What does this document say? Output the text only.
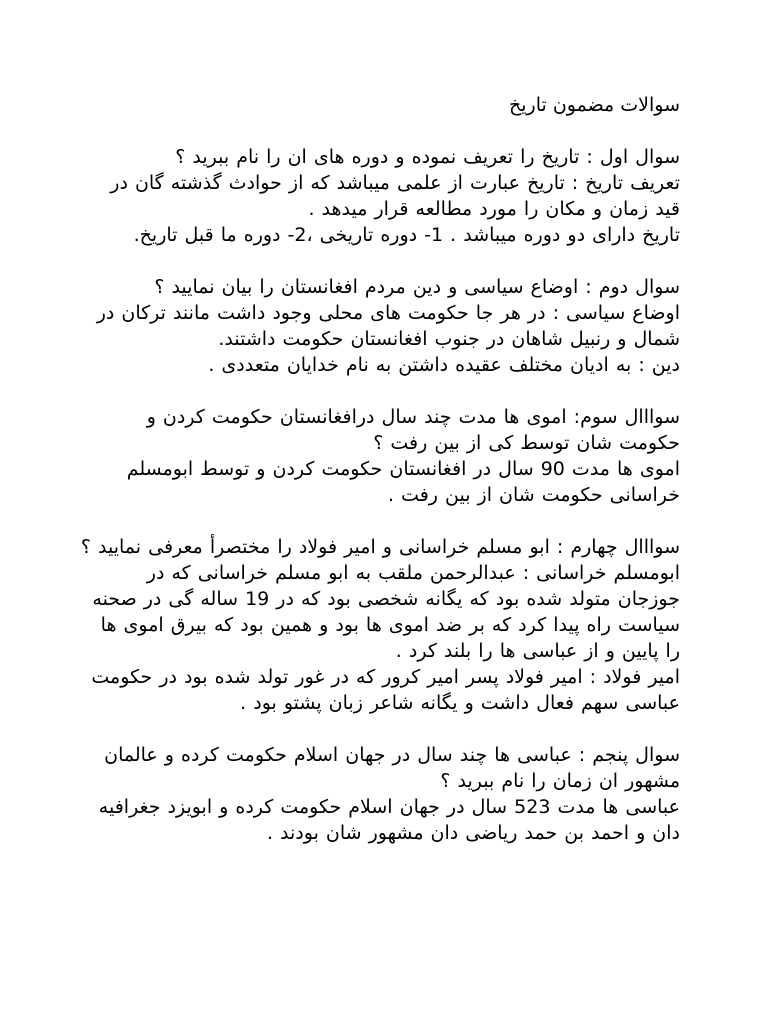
سوالات مضمون تاریخ
سوال اول : تاریخ را تعریف نموده و دوره های ان را نام ببرید ؟
تعریف تاریخ : تاریخ عبارت از علمی میباشد که از حوادث گذشته گان در قید زمان و مکان را مورد مطالعه قرار میدهد .
تاریخ دارای دو دوره میباشد . 1- دوره تاریخی ،2- دوره ما قبل تاریخ.
سوال دوم : اوضاع سیاسی و دین مردم افغانستان را بیان نمایید ؟
اوضاع سیاسی : در هر جا حکومت های محلی وجود داشت مانند ترکان در شمال و رنبیل شاهان در جنوب افغانستان حکومت داشتند.
دین : به ادیان مختلف عقیده داشتن به نام خدایان متعددی .
سوااال سوم: اموی ها مدت چند سال درافغانستان حکومت کردن و حکومت شان توسط کی از بین رفت ؟
اموی ها مدت 90 سال در افغانستان حکومت کردن و توسط ابومسلم خراسانی حکومت شان از بین رفت .
سوااال چهارم : ابو مسلم خراسانی و امیر فولاد را مختصرأ معرفی نمایید ؟
ابومسلم خراسانی : عبدالرحمن ملقب به ابو مسلم خراسانی که در جوزجان متولد شده بود که یگانه شخصی بود که در 19 ساله گی در صحنه سیاست راه پیدا کرد که بر ضد اموی ها بود و همین بود که بیرق اموی ها را پایین و از عباسی ها را بلند کرد .
امیر فولاد : امیر فولاد پسر امیر کرور که در غور تولد شده بود در حکومت عباسی سهم فعال داشت و یگانه شاعر زبان پشتو بود .
سوال پنجم : عباسی ها چند سال در جهان اسلام حکومت کرده و عالمان مشهور ان زمان را نام ببرید ؟
عباسی ها مدت 523 سال در جهان اسلام حکومت کرده و ابویزد جغرافیه دان و احمد بن حمد ریاضی دان مشهور شان بودند .
